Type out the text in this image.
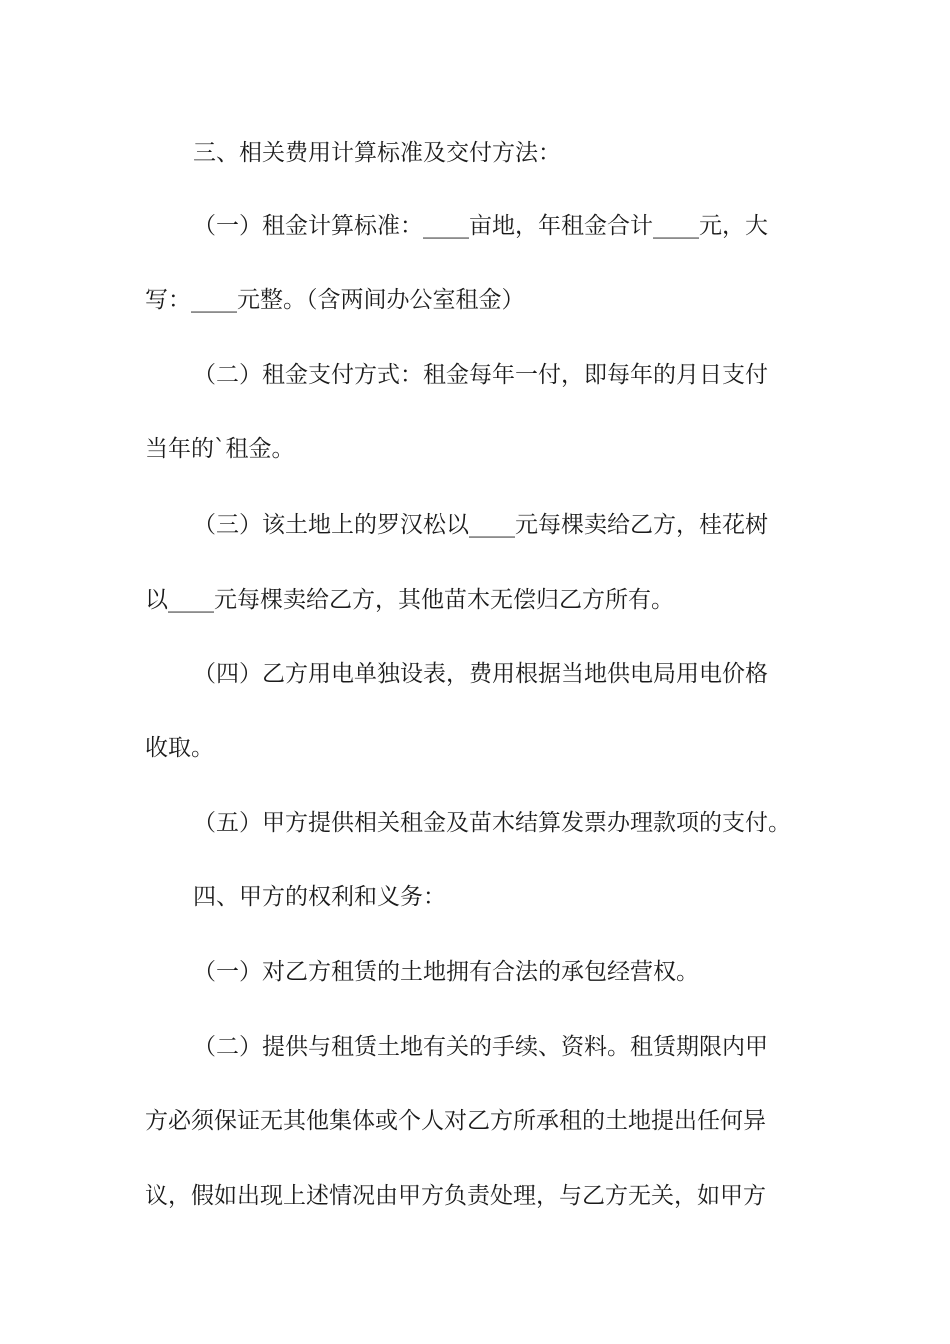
三、相关费用计算标准及交付方法：

（一）租金计算标准：____亩地，年租金合计____元，大

写：____元整。（含两间办公室租金）

（二）租金支付方式：租金每年一付，即每年的月日支付

当年的`租金。

（三）该土地上的罗汉松以____元每棵卖给乙方，桂花树

以____元每棵卖给乙方，其他苗木无偿归乙方所有。

（四）乙方用电单独设表，费用根据当地供电局用电价格

收取。

（五）甲方提供相关租金及苗木结算发票办理款项的支付。

四、甲方的权利和义务：

（一）对乙方租赁的土地拥有合法的承包经营权。

（二）提供与租赁土地有关的手续、资料。租赁期限内甲

方必须保证无其他集体或个人对乙方所承租的土地提出任何异

议，假如出现上述情况由甲方负责处理，与乙方无关，如甲方
